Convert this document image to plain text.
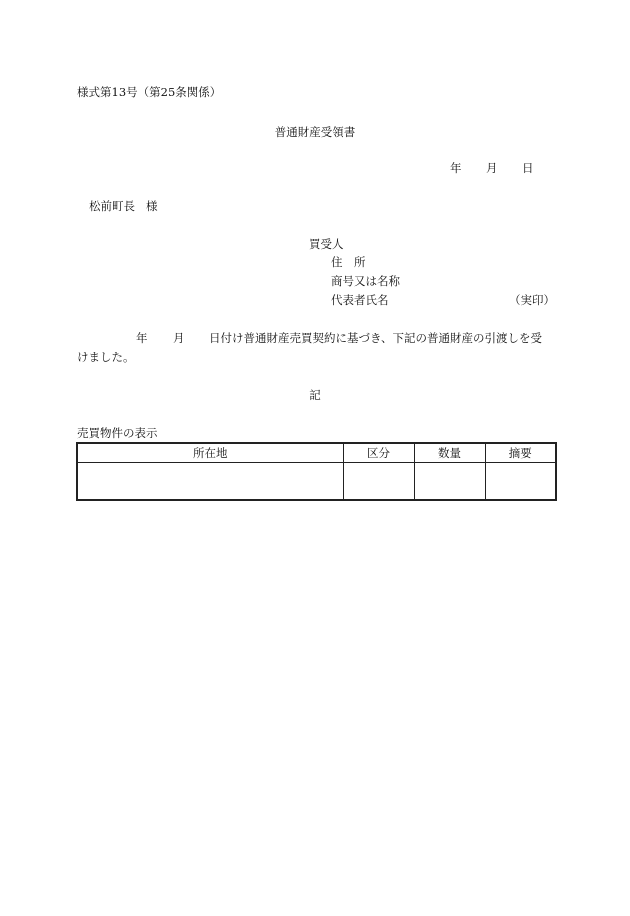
様式第13号（第25条関係）
普通財産受領書
年 月 日
松前町長 様
買受人
住　所
商号又は名称
代表者氏名	（実印）
年 月 日付け普通財産売買契約に基づき、下記の普通財産の引渡しを受
けました。
記
売買物件の表示
所在地	区分	数量	摘要
